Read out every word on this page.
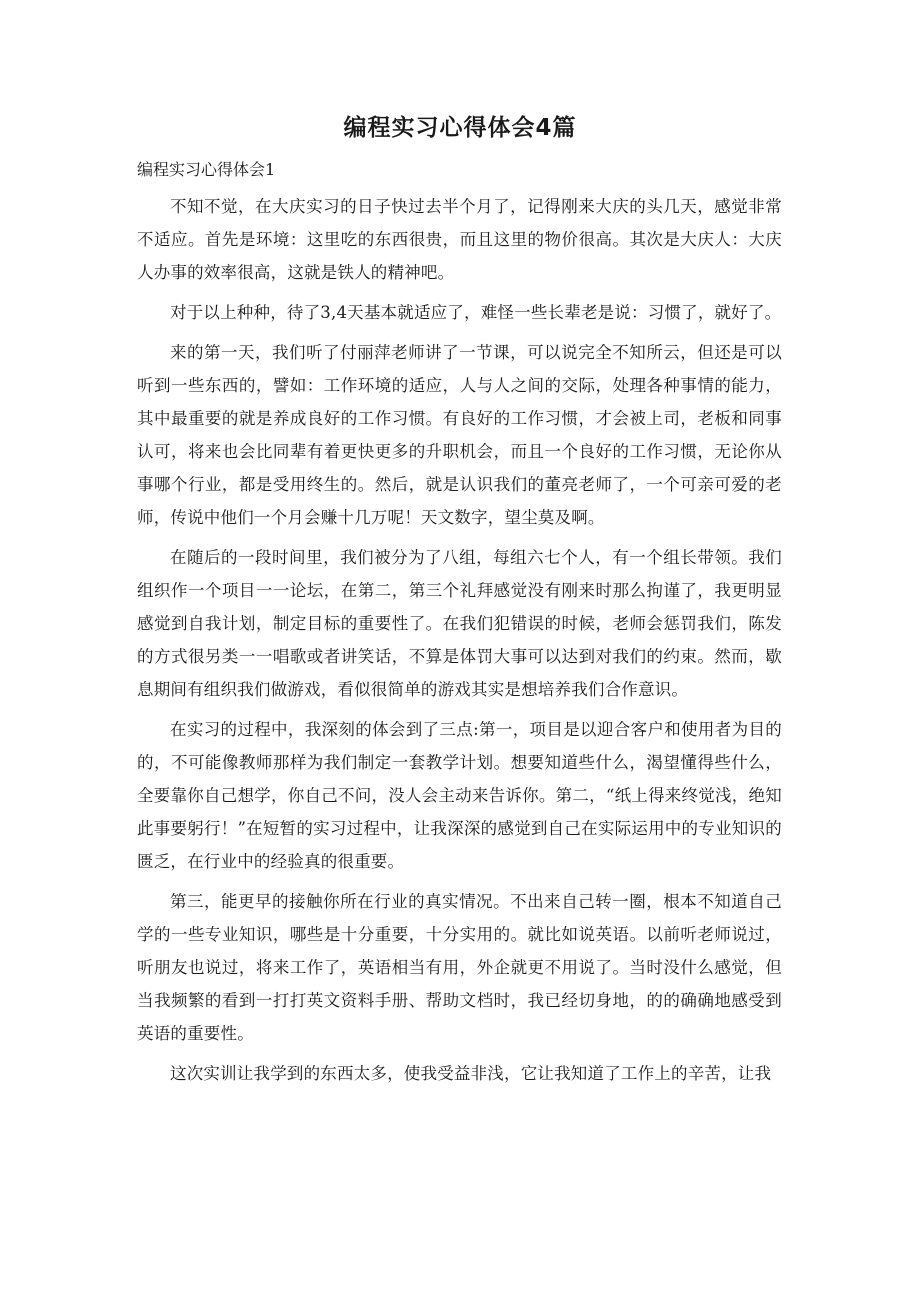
编程实习心得体会4篇
编程实习心得体会1

不知不觉，在大庆实习的日子快过去半个月了，记得刚来大庆的头几天，感觉非常不适应。首先是环境：这里吃的东西很贵，而且这里的物价很高。其次是大庆人：大庆人办事的效率很高，这就是铁人的精神吧。

对于以上种种，待了3,4天基本就适应了，难怪一些长辈老是说：习惯了，就好了。

来的第一天，我们听了付丽萍老师讲了一节课，可以说完全不知所云，但还是可以听到一些东西的，譬如：工作环境的适应，人与人之间的交际，处理各种事情的能力，其中最重要的就是养成良好的工作习惯。有良好的工作习惯，才会被上司，老板和同事认可，将来也会比同辈有着更快更多的升职机会，而且一个良好的工作习惯，无论你从事哪个行业，都是受用终生的。然后，就是认识我们的董亮老师了，一个可亲可爱的老师，传说中他们一个月会赚十几万呢！天文数字，望尘莫及啊。

在随后的一段时间里，我们被分为了八组，每组六七个人，有一个组长带领。我们组织作一个项目一一论坛，在第二，第三个礼拜感觉没有刚来时那么拘谨了，我更明显感觉到自我计划，制定目标的重要性了。在我们犯错误的时候，老师会惩罚我们，陈发的方式很另类一一唱歌或者讲笑话，不算是体罚大事可以达到对我们的约束。然而，歇息期间有组织我们做游戏，看似很简单的游戏其实是想培养我们合作意识。

在实习的过程中，我深刻的体会到了三点:第一，项目是以迎合客户和使用者为目的的，不可能像教师那样为我们制定一套教学计划。想要知道些什么，渴望懂得些什么，全要靠你自己想学，你自己不问，没人会主动来告诉你。第二，“纸上得来终觉浅，绝知此事要躬行！”在短暂的实习过程中，让我深深的感觉到自己在实际运用中的专业知识的匮乏，在行业中的经验真的很重要。

第三，能更早的接触你所在行业的真实情况。不出来自己转一圈，根本不知道自己学的一些专业知识，哪些是十分重要，十分实用的。就比如说英语。以前听老师说过，听朋友也说过，将来工作了，英语相当有用，外企就更不用说了。当时没什么感觉，但当我频繁的看到一打打英文资料手册、帮助文档时，我已经切身地，的的确确地感受到英语的重要性。

这次实训让我学到的东西太多，使我受益非浅，它让我知道了工作上的辛苦，让我
